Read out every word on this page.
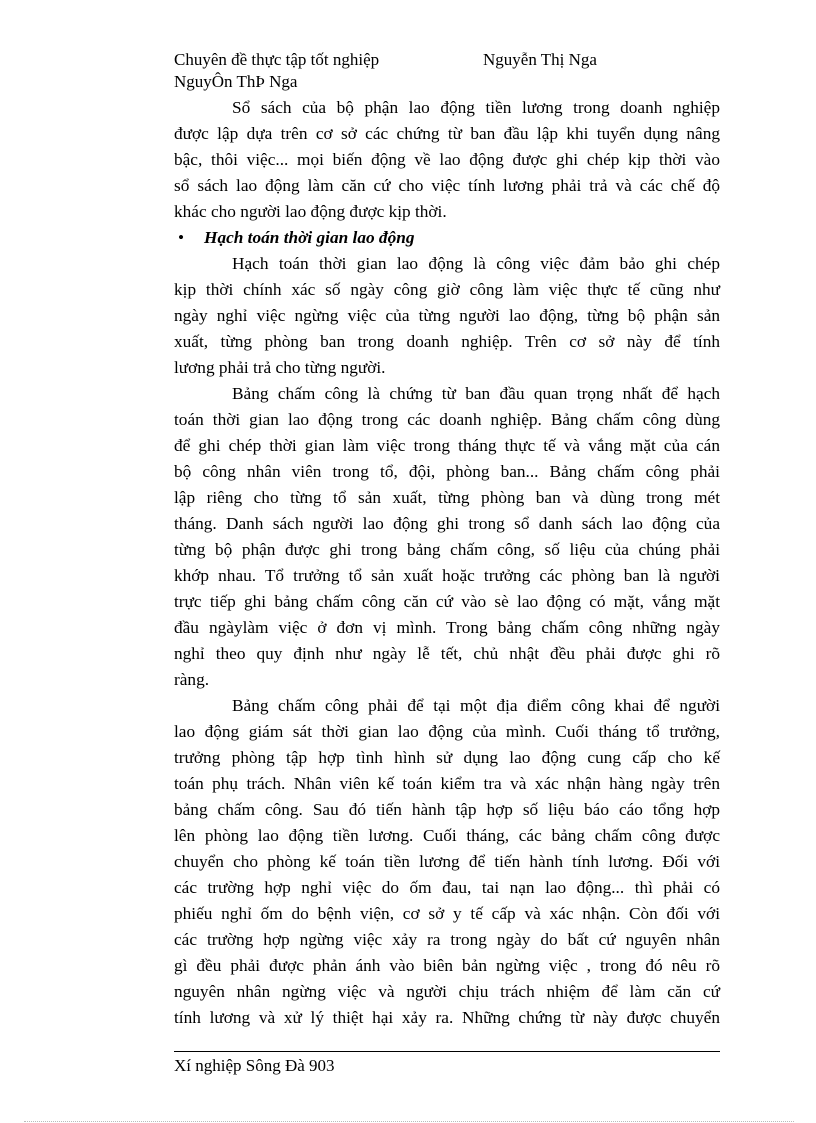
Chuyên đề thực tập tốt nghiệp	Nguyễn Thị Nga
NguyÔn ThÞ Nga
Sổ sách của bộ phận lao động tiền lương trong doanh nghiệp
được lập dựa trên cơ sở các chứng từ ban đầu lập khi tuyển dụng nâng
bậc, thôi việc... mọi biến động về lao động được ghi chép kịp thời vào
sổ sách lao động làm căn cứ cho việc tính lương phải trả và các chế độ
khác cho người lao động được kịp thời.
• Hạch toán thời gian lao động
Hạch toán thời gian lao động là công việc đảm bảo ghi chép
kịp thời chính xác số ngày công giờ công làm việc thực tế cũng như
ngày nghỉ việc ngừng việc của từng người lao động, từng bộ phận sản
xuất, từng phòng ban trong doanh nghiệp. Trên cơ sở này để tính
lương phải trả cho từng người.
Bảng chấm công là chứng từ ban đầu quan trọng nhất để hạch
toán thời gian lao động trong các doanh nghiệp. Bảng chấm công dùng
để ghi chép thời gian làm việc trong tháng thực tế và vắng mặt của cán
bộ công nhân viên trong tổ, đội, phòng ban... Bảng chấm công phải
lập riêng cho từng tổ sản xuất, từng phòng ban và dùng trong mét
tháng. Danh sách người lao động ghi trong sổ danh sách lao động của
từng bộ phận được ghi trong bảng chấm công, số liệu của chúng phải
khớp nhau. Tổ trưởng tổ sản xuất hoặc trưởng các phòng ban là người
trực tiếp ghi bảng chấm công căn cứ vào sè lao động có mặt, vắng mặt
đầu ngàylàm việc ở đơn vị mình. Trong bảng chấm công những ngày
nghỉ theo quy định như ngày lễ tết, chủ nhật đều phải được ghi rõ
ràng.
Bảng chấm công phải để tại một địa điểm công khai để người
lao động giám sát thời gian lao động của mình. Cuối tháng tổ trưởng,
trưởng phòng tập hợp tình hình sử dụng lao động cung cấp cho kế
toán phụ trách. Nhân viên kế toán kiểm tra và xác nhận hàng ngày trên
bảng chấm công. Sau đó tiến hành tập hợp số liệu báo cáo tổng hợp
lên phòng lao động tiền lương. Cuối tháng, các bảng chấm công được
chuyển cho phòng kế toán tiền lương để tiến hành tính lương. Đối với
các trường hợp nghỉ việc do ốm đau, tai nạn lao động... thì phải có
phiếu nghỉ ốm do bệnh viện, cơ sở y tế cấp và xác nhận. Còn đối với
các trường hợp ngừng việc xảy ra trong ngày do bất cứ nguyên nhân
gì đều phải được phản ánh vào biên bản ngừng việc , trong đó nêu rõ
nguyên nhân ngừng việc và người chịu trách nhiệm để làm căn cứ
tính lương và xử lý thiệt hại xảy ra. Những chứng từ này được chuyển
Xí nghiệp Sông Đà 903
